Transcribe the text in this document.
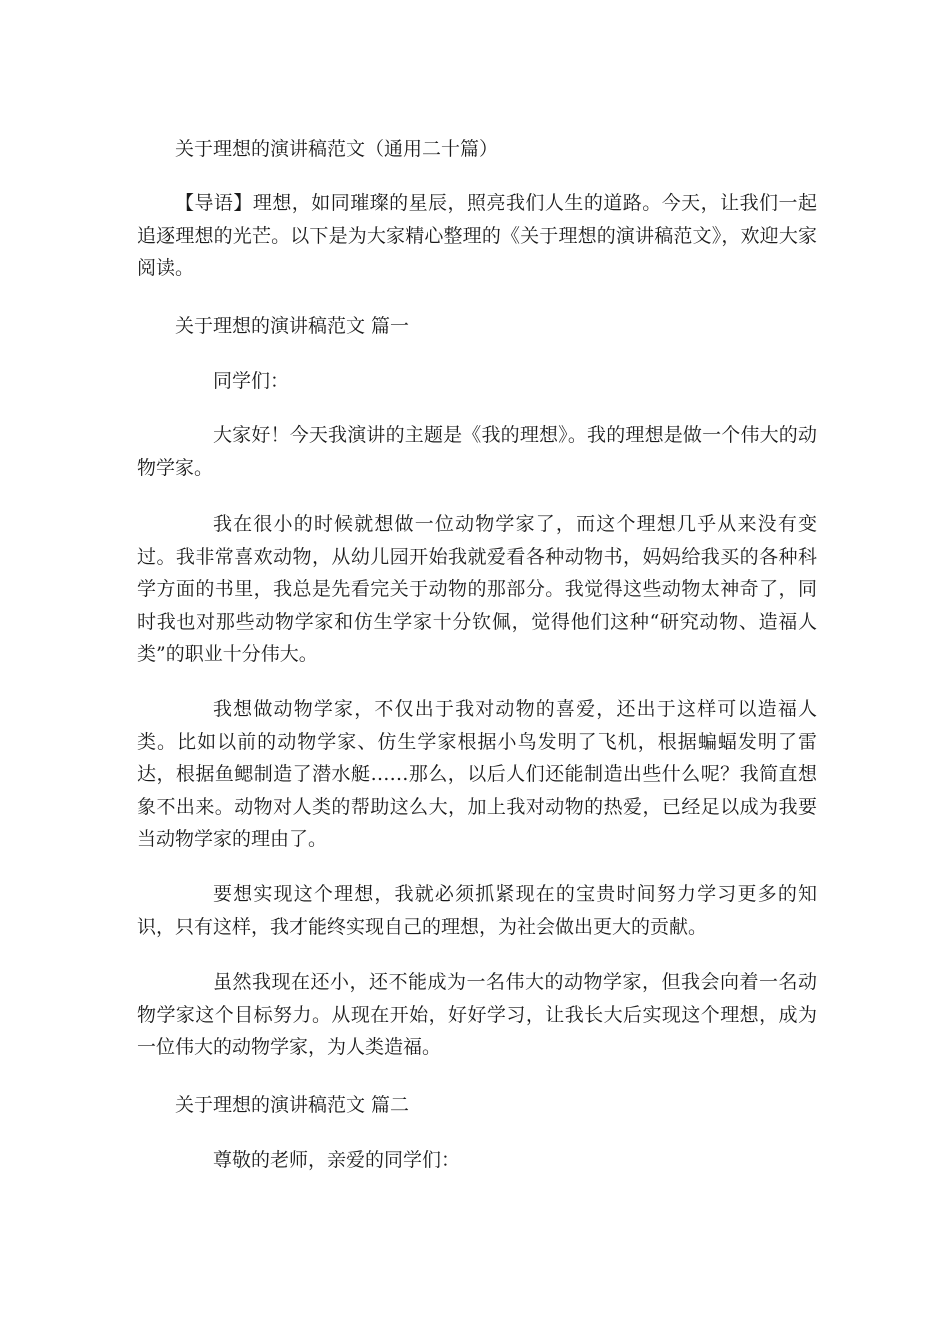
关于理想的演讲稿范文（通用二十篇）

【导语】理想，如同璀璨的星辰，照亮我们人生的道路。今天，让我们一起追逐理想的光芒。以下是为大家精心整理的《关于理想的演讲稿范文》，欢迎大家阅读。

关于理想的演讲稿范文 篇一
同学们：

大家好！今天我演讲的主题是《我的理想》。我的理想是做一个伟大的动物学家。

我在很小的时候就想做一位动物学家了，而这个理想几乎从来没有变过。我非常喜欢动物，从幼儿园开始我就爱看各种动物书，妈妈给我买的各种科学方面的书里，我总是先看完关于动物的那部分。我觉得这些动物太神奇了，同时我也对那些动物学家和仿生学家十分钦佩，觉得他们这种“研究动物、造福人类”的职业十分伟大。

我想做动物学家，不仅出于我对动物的喜爱，还出于这样可以造福人类。比如以前的动物学家、仿生学家根据小鸟发明了飞机，根据蝙蝠发明了雷达，根据鱼鳃制造了潜水艇……那么，以后人们还能制造出些什么呢？我简直想象不出来。动物对人类的帮助这么大，加上我对动物的热爱，已经足以成为我要当动物学家的理由了。

要想实现这个理想，我就必须抓紧现在的宝贵时间努力学习更多的知识，只有这样，我才能终实现自己的理想，为社会做出更大的贡献。

虽然我现在还小，还不能成为一名伟大的动物学家，但我会向着一名动物学家这个目标努力。从现在开始，好好学习，让我长大后实现这个理想，成为一位伟大的动物学家，为人类造福。

关于理想的演讲稿范文 篇二
尊敬的老师，亲爱的同学们：
